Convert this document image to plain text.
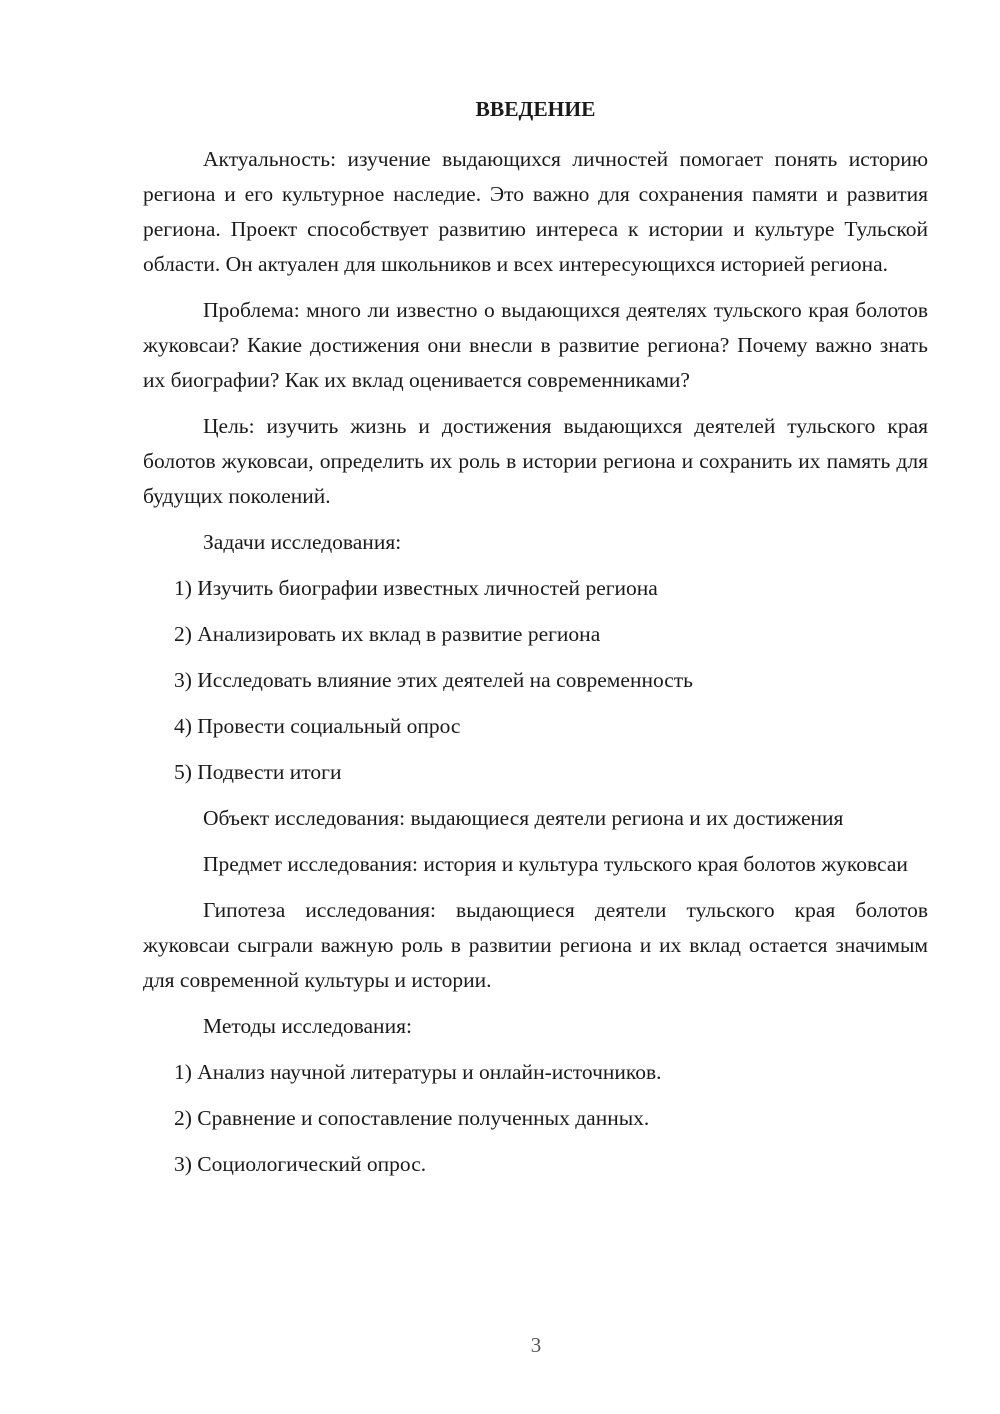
ВВЕДЕНИЕ

Актуальность: изучение выдающихся личностей помогает понять историю региона и его культурное наследие. Это важно для сохранения памяти и развития региона. Проект способствует развитию интереса к истории и культуре Тульской области. Он актуален для школьников и всех интересующихся историей региона.

Проблема: много ли известно о выдающихся деятелях тульского края болотов жуковсаи? Какие достижения они внесли в развитие региона? Почему важно знать их биографии? Как их вклад оценивается современниками?

Цель: изучить жизнь и достижения выдающихся деятелей тульского края болотов жуковсаи, определить их роль в истории региона и сохранить их память для будущих поколений.

Задачи исследования:

1) Изучить биографии известных личностей региона

2) Анализировать их вклад в развитие региона

3) Исследовать влияние этих деятелей на современность

4) Провести социальный опрос

5) Подвести итоги

Объект исследования: выдающиеся деятели региона и их достижения

Предмет исследования: история и культура тульского края болотов жуковсаи

Гипотеза исследования: выдающиеся деятели тульского края болотов жуковсаи сыграли важную роль в развитии региона и их вклад остается значимым для современной культуры и истории.

Методы исследования:

1) Анализ научной литературы и онлайн-источников.

2) Сравнение и сопоставление полученных данных.

3) Социологический опрос.

3
